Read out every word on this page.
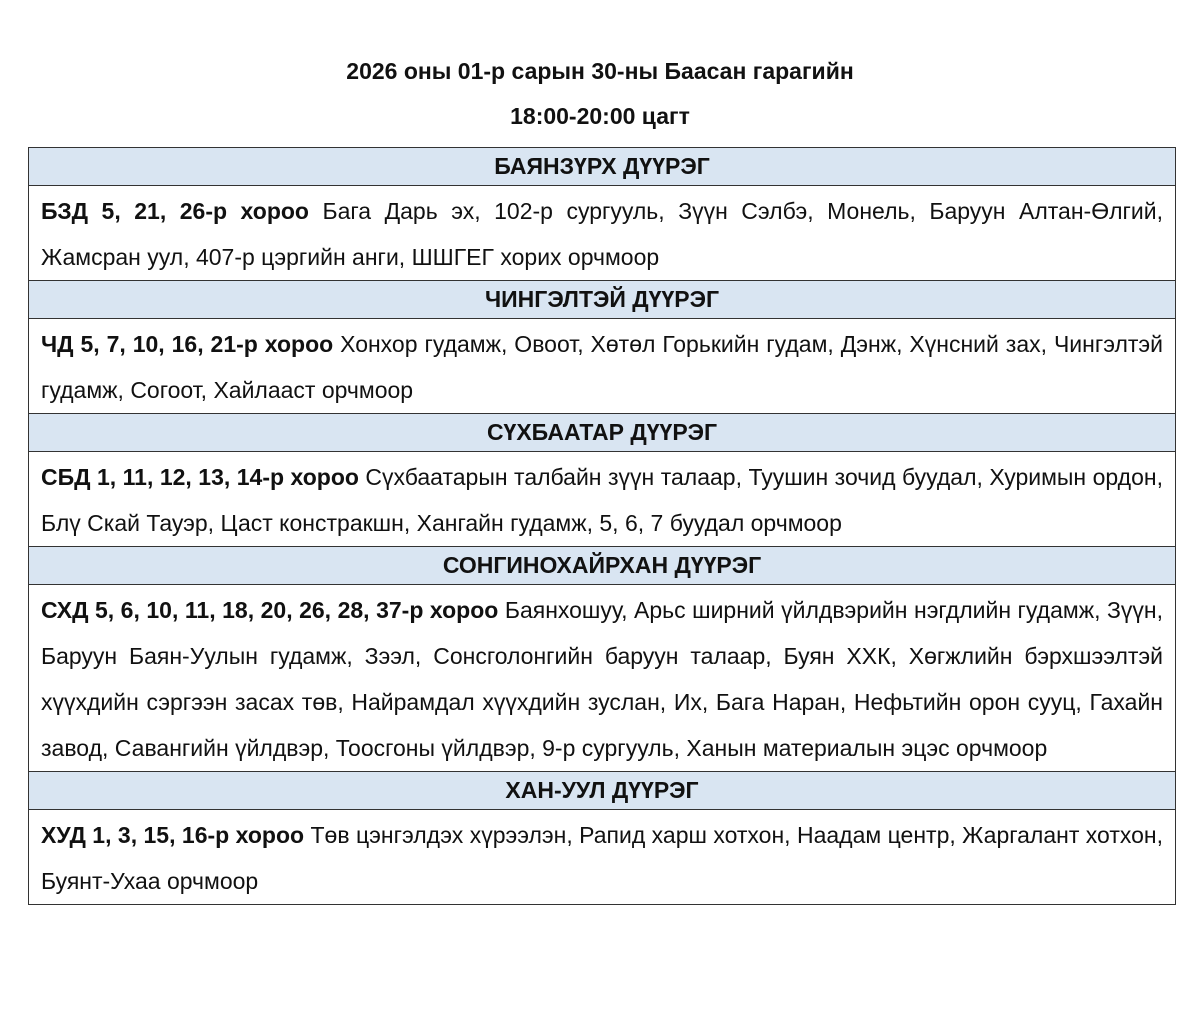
2026 оны 01-р сарын 30-ны Баасан гарагийн
18:00-20:00 цагт
БАЯНЗҮРХ ДҮҮРЭГ
БЗД 5, 21, 26-р хороо Бага Дарь эх, 102-р сургууль, Зүүн Сэлбэ, Монель, Баруун Алтан-Өлгий, Жамсран уул, 407-р цэргийн анги, ШШГЕГ хорих орчмоор
ЧИНГЭЛТЭЙ ДҮҮРЭГ
ЧД 5, 7, 10, 16, 21-р хороо Хонхор гудамж, Овоот, Хөтөл Горькийн гудам, Дэнж, Хүнсний зах, Чингэлтэй гудамж, Согоот, Хайлааст орчмоор
СҮХБААТАР ДҮҮРЭГ
СБД 1, 11, 12, 13, 14-р хороо Сүхбаатарын талбайн зүүн талаар, Туушин зочид буудал, Хуримын ордон, Блү Скай Тауэр, Цаст констракшн, Хангайн гудамж, 5, 6, 7 буудал орчмоор
СОНГИНОХАЙРХАН ДҮҮРЭГ
СХД 5, 6, 10, 11, 18, 20, 26, 28, 37-р хороо Баянхошуу, Арьс ширний үйлдвэрийн нэгдлийн гудамж, Зүүн, Баруун Баян-Уулын гудамж, Зээл, Сонсголонгийн баруун талаар, Буян ХХК, Хөгжлийн бэрхшээлтэй хүүхдийн сэргээн засах төв, Найрамдал хүүхдийн зуслан, Их, Бага Наран, Нефьтийн орон сууц, Гахайн завод, Савангийн үйлдвэр, Тоосгоны үйлдвэр, 9-р сургууль, Ханын материалын эцэс орчмоор
ХАН-УУЛ ДҮҮРЭГ
ХУД 1, 3, 15, 16-р хороо Төв цэнгэлдэх хүрээлэн, Рапид харш хотхон, Наадам центр, Жаргалант хотхон, Буянт-Ухаа орчмоор
